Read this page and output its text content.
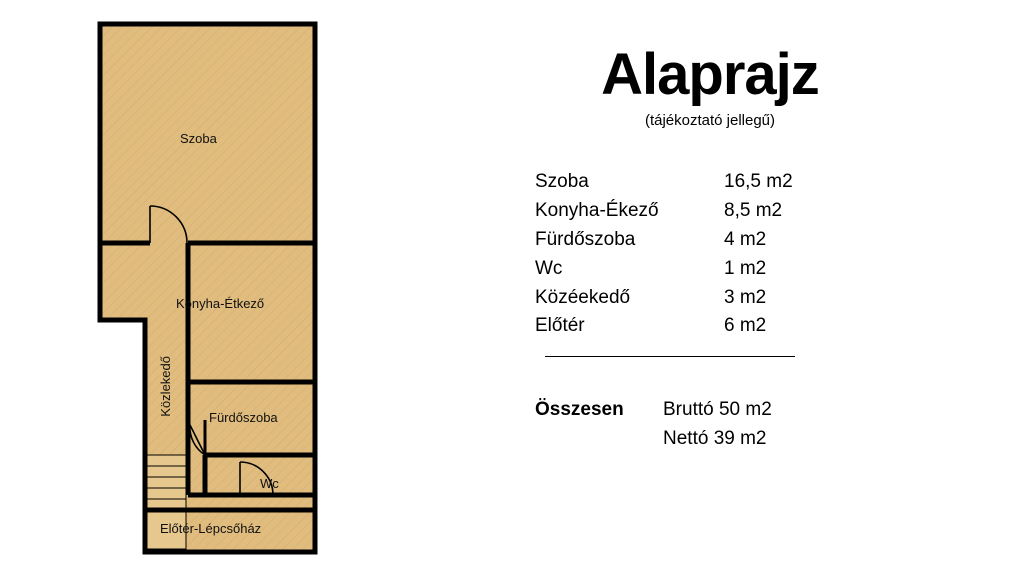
Szoba
Konyha-Étkező
Közlekedő
Fürdőszoba
Wc
Előtér-Lépcsőház
Alaprajz
(tájékoztató jellegű)
Szoba	16,5 m2
Konyha-Ékező	8,5 m2
Fürdőszoba	4 m2
Wc	1 m2
Közéekedő	3 m2
Előtér	6 m2
Összesen	Bruttó 50 m2
Nettó 39 m2
